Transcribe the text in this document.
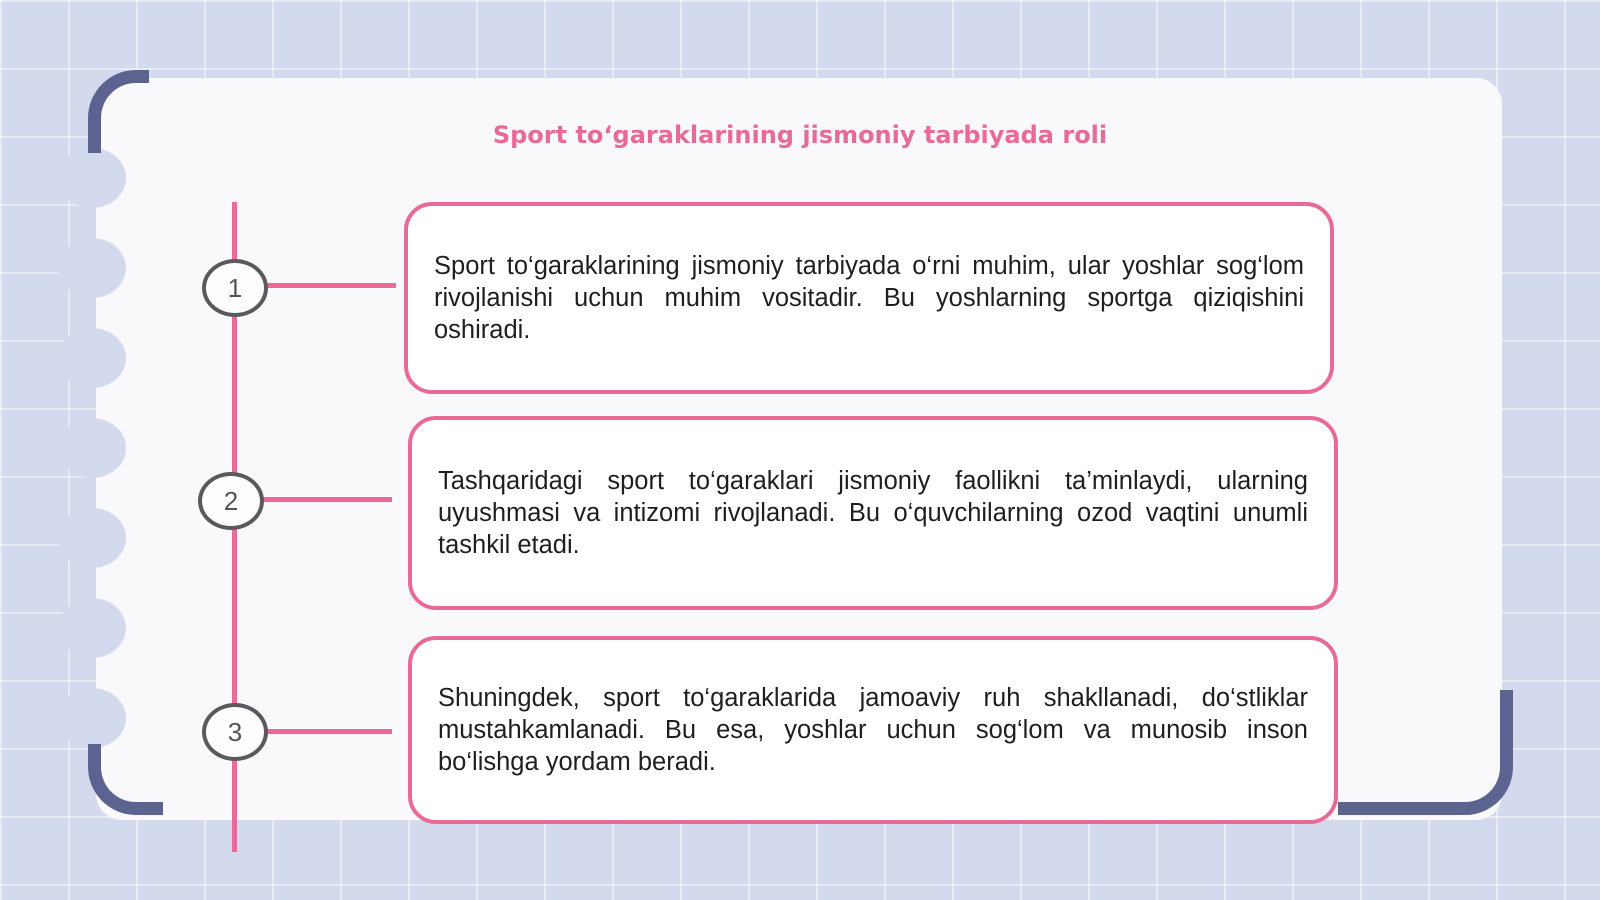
Sport toʻgaraklarining jismoniy tarbiyada roli
1
2
3

Sport to‘garaklarining jismoniy tarbiyada o‘rni muhim, ular yoshlar sog‘lom rivojlanishi uchun muhim vositadir. Bu yoshlarning sportga qiziqishini oshiradi.

Tashqaridagi sport to‘garaklari jismoniy faollikni ta’minlaydi, ularning uyushmasi va intizomi rivojlanadi. Bu o‘quvchilarning ozod vaqtini unumli tashkil etadi.

Shuningdek, sport to‘garaklarida jamoaviy ruh shakllanadi, do‘stliklar mustahkamlanadi. Bu esa, yoshlar uchun sog‘lom va munosib inson bo‘lishga yordam beradi.
